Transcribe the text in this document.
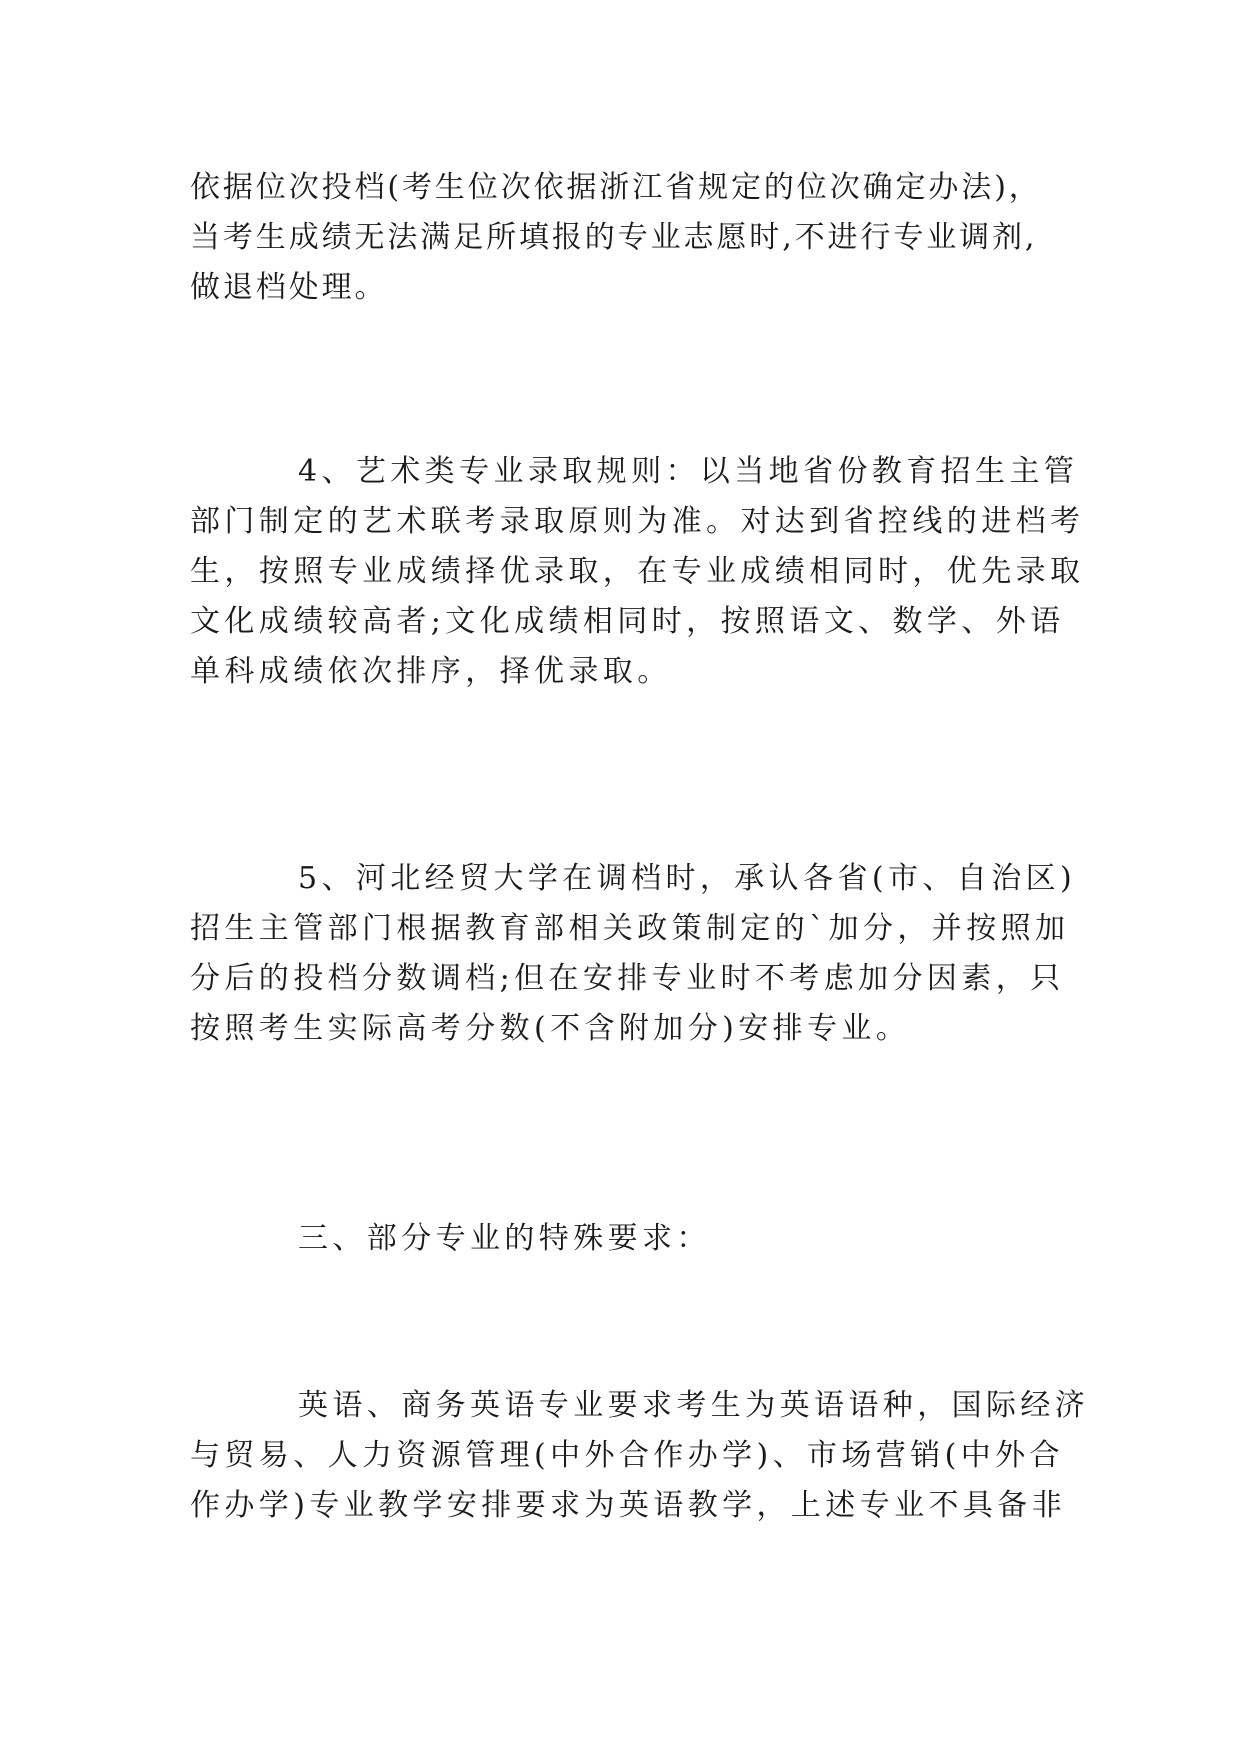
依据位次投档(考生位次依据浙江省规定的位次确定办法)，
当考生成绩无法满足所填报的专业志愿时,不进行专业调剂,
做退档处理。
4、艺术类专业录取规则：以当地省份教育招生主管
部门制定的艺术联考录取原则为准。对达到省控线的进档考
生，按照专业成绩择优录取，在专业成绩相同时，优先录取
文化成绩较高者;文化成绩相同时，按照语文、数学、外语
单科成绩依次排序，择优录取。
5、河北经贸大学在调档时，承认各省(市、自治区)
招生主管部门根据教育部相关政策制定的`加分，并按照加
分后的投档分数调档;但在安排专业时不考虑加分因素，只
按照考生实际高考分数(不含附加分)安排专业。
三、部分专业的特殊要求：
英语、商务英语专业要求考生为英语语种，国际经济
与贸易、人力资源管理(中外合作办学)、市场营销(中外合
作办学)专业教学安排要求为英语教学，上述专业不具备非
